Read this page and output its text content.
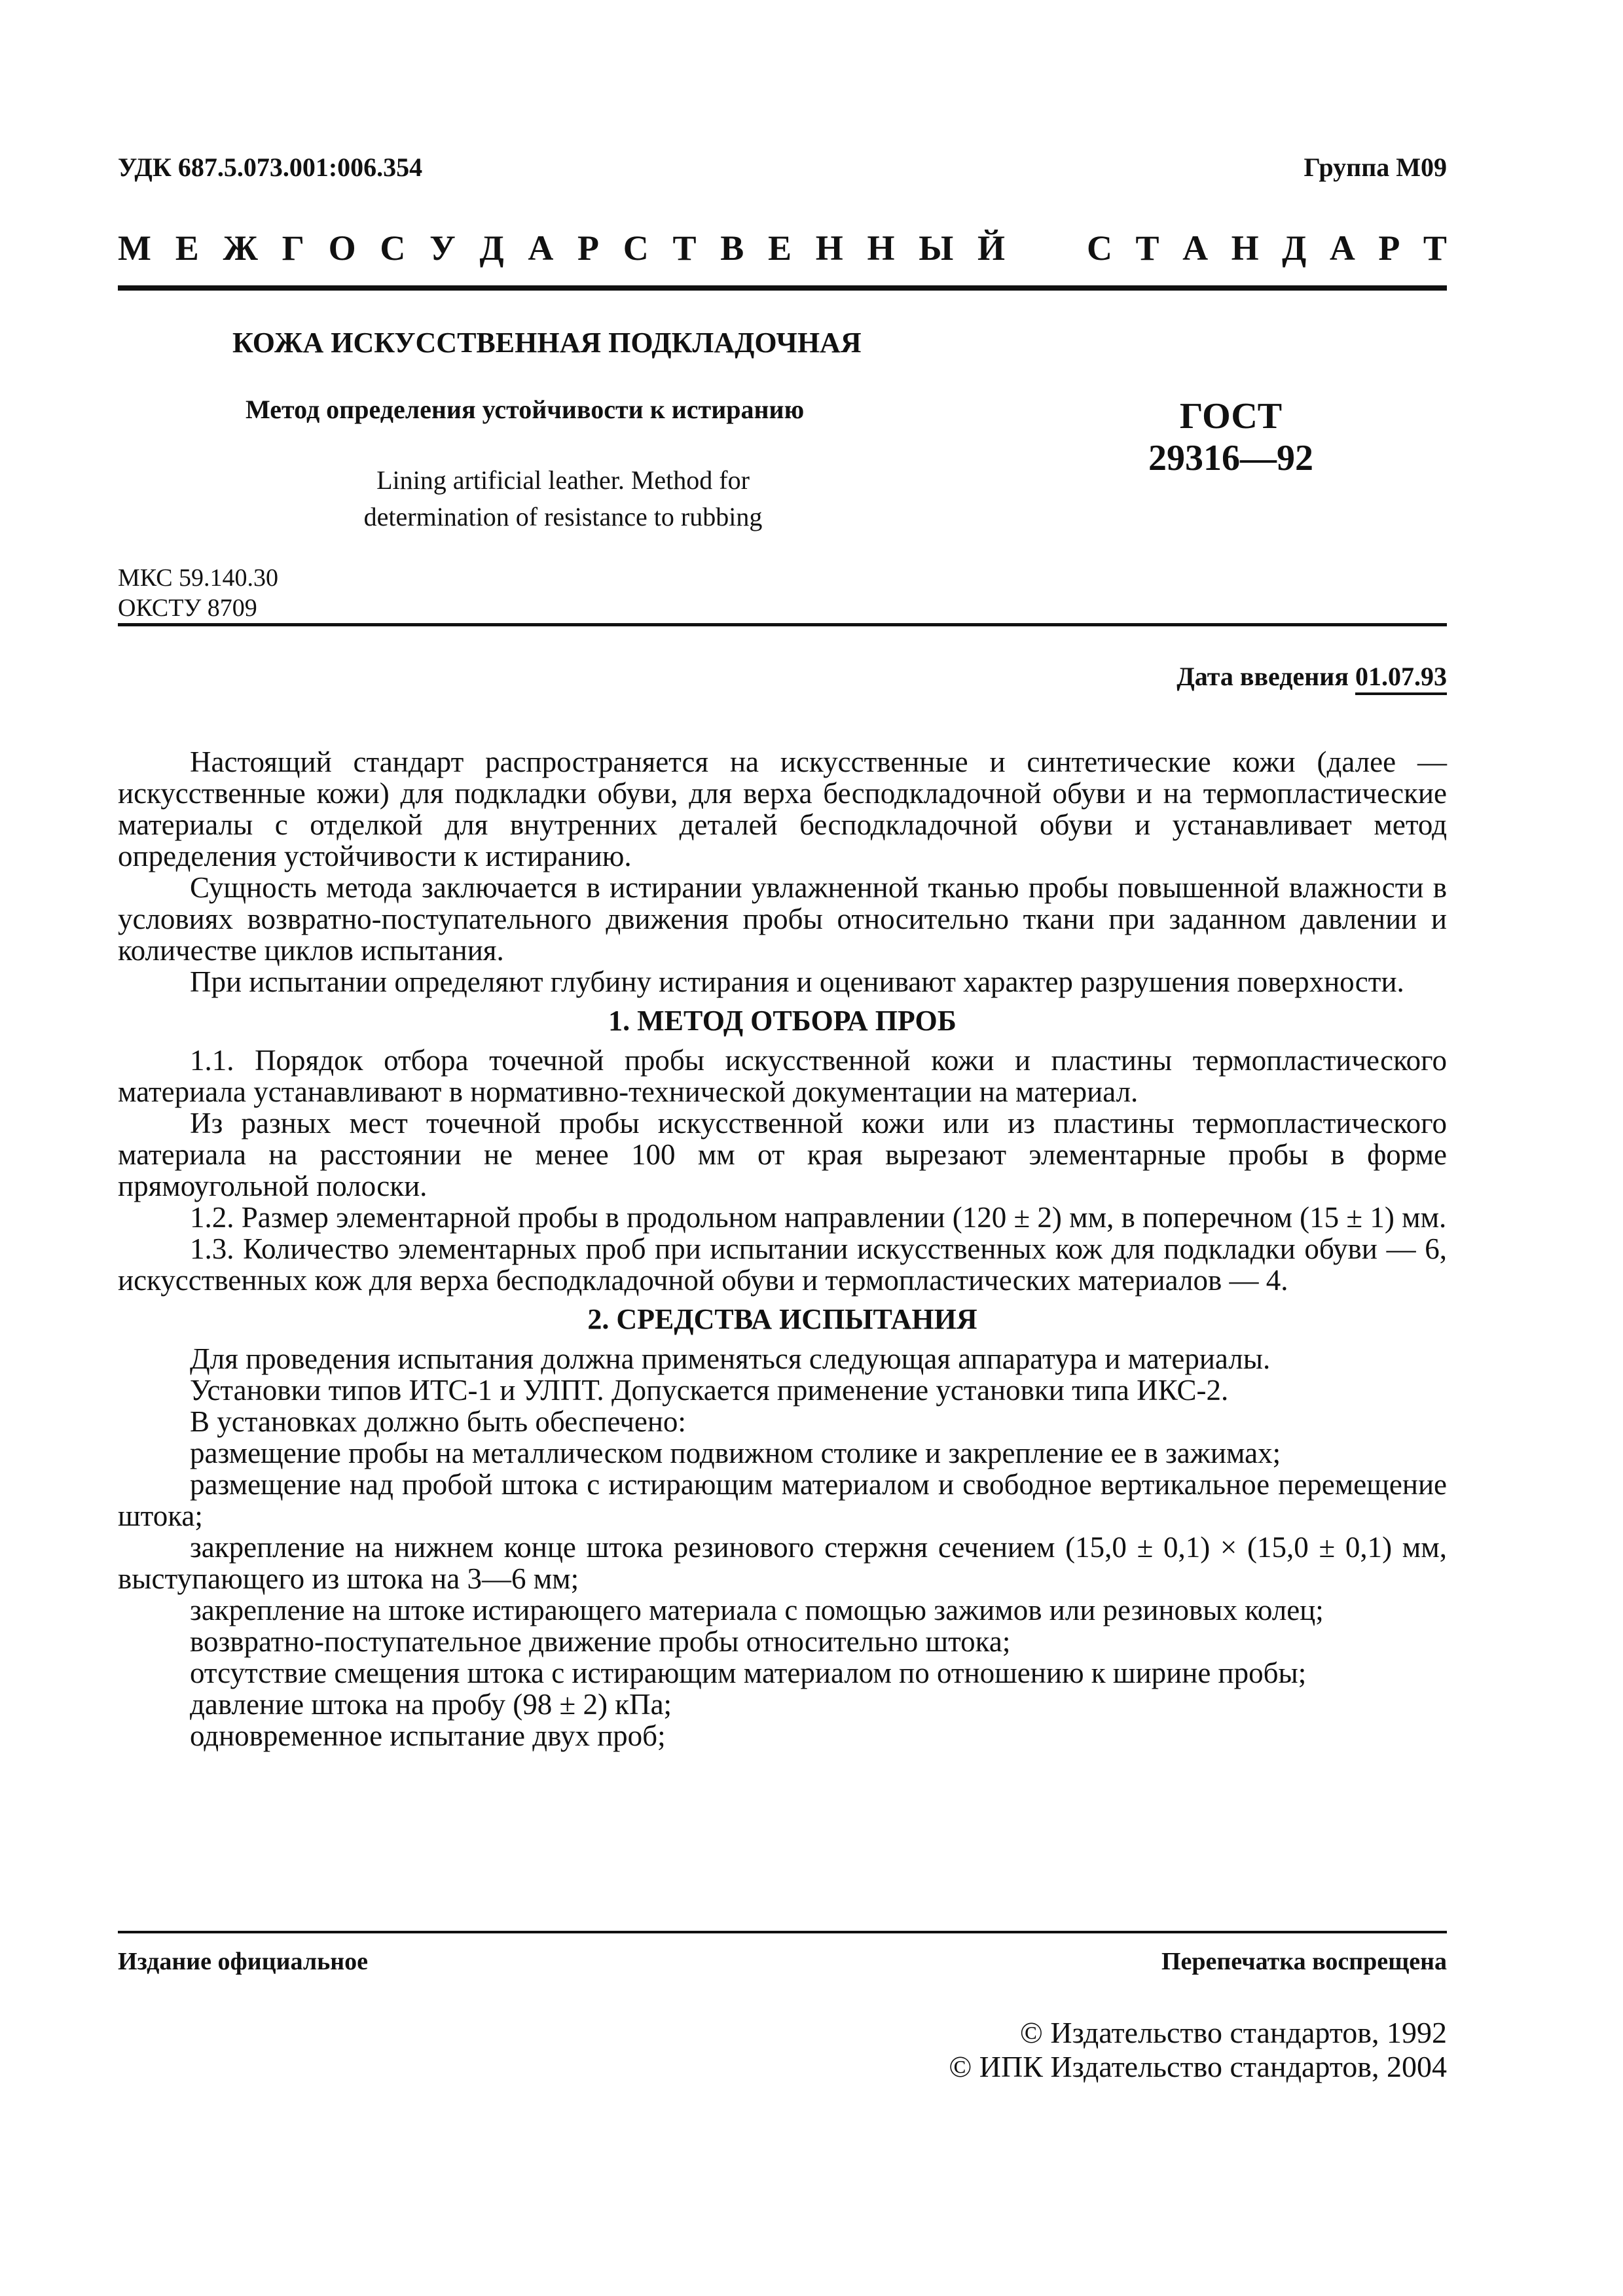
УДК 687.5.073.001:006.354	Группа М09
М Е Ж Г О С У Д А Р С Т В Е Н Н Ы Й С Т А Н Д А Р Т
КОЖА ИСКУССТВЕННАЯ ПОДКЛАДОЧНАЯ
Метод определения устойчивости к истиранию
Lining artificial leather. Method for
determination of resistance to rubbing
ГОСТ
29316—92
МКС 59.140.30
ОКСТУ 8709
Дата введения 01.07.93

Настоящий стандарт распространяется на искусственные и синтетические кожи (далее — искусственные кожи) для подкладки обуви, для верха бесподкладочной обуви и на термопластические материалы с отделкой для внутренних деталей бесподкладочной обуви и устанавливает метод определения устойчивости к истиранию.

Сущность метода заключается в истирании увлажненной тканью пробы повышенной влажности в условиях возвратно-поступательного движения пробы относительно ткани при заданном давлении и количестве циклов испытания.

При испытании определяют глубину истирания и оценивают характер разрушения поверхности.

1. МЕТОД ОТБОРА ПРОБ

1.1. Порядок отбора точечной пробы искусственной кожи и пластины термопластического материала устанавливают в нормативно-технической документации на материал.

Из разных мест точечной пробы искусственной кожи или из пластины термопластического материала на расстоянии не менее 100 мм от края вырезают элементарные пробы в форме прямоугольной полоски.

1.2. Размер элементарной пробы в продольном направлении (120 ± 2) мм, в поперечном (15 ± 1) мм.

1.3. Количество элементарных проб при испытании искусственных кож для подкладки обуви — 6, искусственных кож для верха бесподкладочной обуви и термопластических материалов — 4.

2. СРЕДСТВА ИСПЫТАНИЯ

Для проведения испытания должна применяться следующая аппаратура и материалы.

Установки типов ИТС-1 и УЛПТ. Допускается применение установки типа ИКС-2.

В установках должно быть обеспечено:

размещение пробы на металлическом подвижном столике и закрепление ее в зажимах;

размещение над пробой штока с истирающим материалом и свободное вертикальное перемещение штока;

закрепление на нижнем конце штока резинового стержня сечением (15,0 ± 0,1) × (15,0 ± 0,1) мм, выступающего из штока на 3—6 мм;

закрепление на штоке истирающего материала с помощью зажимов или резиновых колец;

возвратно-поступательное движение пробы относительно штока;

отсутствие смещения штока с истирающим материалом по отношению к ширине пробы;

давление штока на пробу (98 ± 2) кПа;

одновременное испытание двух проб;

Издание официальное	Перепечатка воспрещена
© Издательство стандартов, 1992
© ИПК Издательство стандартов, 2004
